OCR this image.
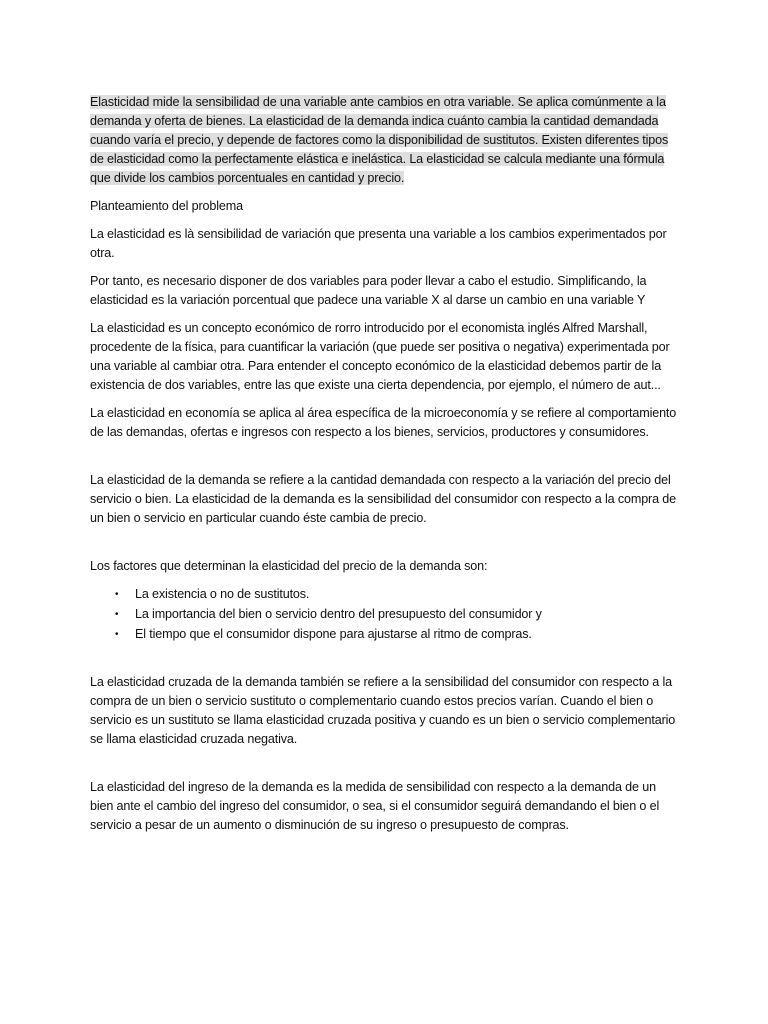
Elasticidad mide la sensibilidad de una variable ante cambios en otra variable. Se aplica comúnmente a la demanda y oferta de bienes. La elasticidad de la demanda indica cuánto cambia la cantidad demandada cuando varía el precio, y depende de factores como la disponibilidad de sustitutos. Existen diferentes tipos de elasticidad como la perfectamente elástica e inelástica. La elasticidad se calcula mediante una fórmula que divide los cambios porcentuales en cantidad y precio.

Planteamiento del problema

La elasticidad es là sensibilidad de variación que presenta una variable a los cambios experimentados por otra.

Por tanto, es necesario disponer de dos variables para poder llevar a cabo el estudio. Simplificando, la elasticidad es la variación porcentual que padece una variable X al darse un cambio en una variable Y

La elasticidad es un concepto económico de rorro introducido por el economista inglés Alfred Marshall, procedente de la física, para cuantificar la variación (que puede ser positiva o negativa) experimentada por una variable al cambiar otra. Para entender el concepto económico de la elasticidad debemos partir de la existencia de dos variables, entre las que existe una cierta dependencia, por ejemplo, el número de aut...

La elasticidad en economía se aplica al área específica de la microeconomía y se refiere al comportamiento de las demandas, ofertas e ingresos con respecto a los bienes, servicios, productores y consumidores.

La elasticidad de la demanda se refiere a la cantidad demandada con respecto a la variación del precio del servicio o bien. La elasticidad de la demanda es la sensibilidad del consumidor con respecto a la compra de un bien o servicio en particular cuando éste cambia de precio.

Los factores que determinan la elasticidad del precio de la demanda son:

• La existencia o no de sustitutos.
• La importancia del bien o servicio dentro del presupuesto del consumidor y
• El tiempo que el consumidor dispone para ajustarse al ritmo de compras.

La elasticidad cruzada de la demanda también se refiere a la sensibilidad del consumidor con respecto a la compra de un bien o servicio sustituto o complementario cuando estos precios varían. Cuando el bien o servicio es un sustituto se llama elasticidad cruzada positiva y cuando es un bien o servicio complementario se llama elasticidad cruzada negativa.

La elasticidad del ingreso de la demanda es la medida de sensibilidad con respecto a la demanda de un bien ante el cambio del ingreso del consumidor, o sea, si el consumidor seguirá demandando el bien o el servicio a pesar de un aumento o disminución de su ingreso o presupuesto de compras.
